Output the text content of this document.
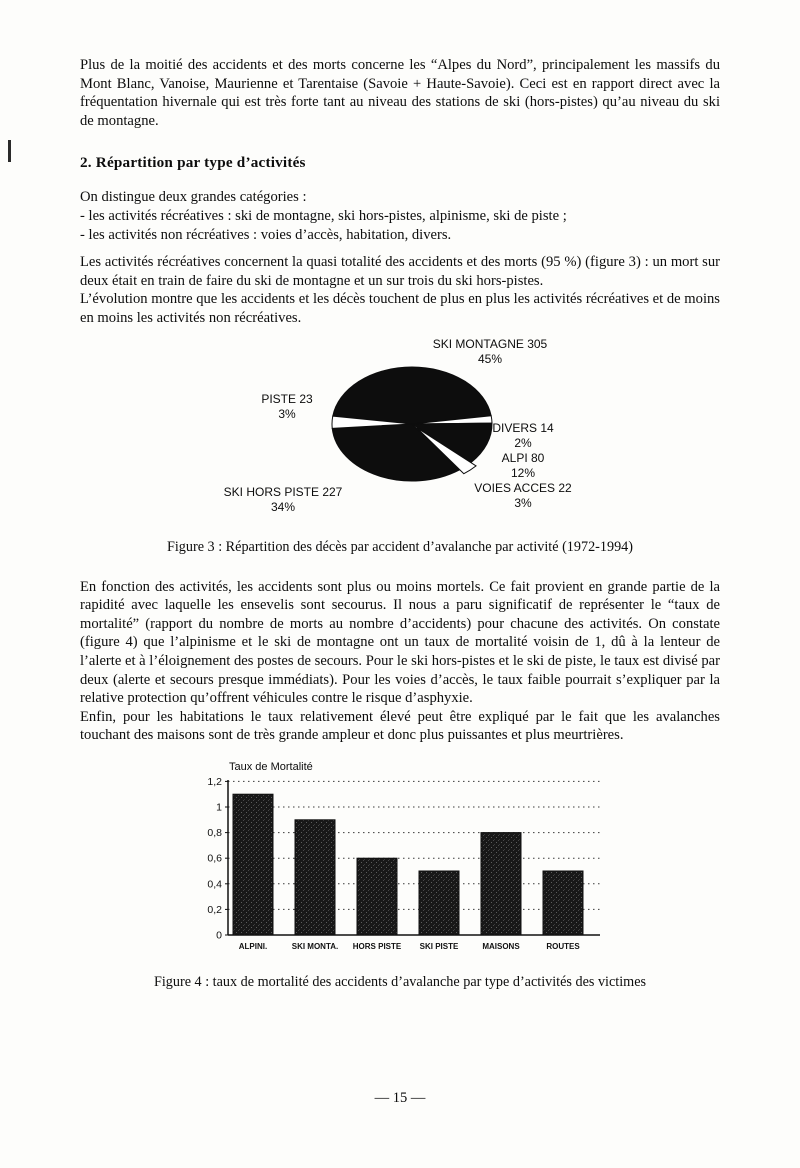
Plus de la moitié des accidents et des morts concerne les “Alpes du Nord”, principalement les massifs du Mont Blanc, Vanoise, Maurienne et Tarentaise (Savoie + Haute-Savoie). Ceci est en rapport direct avec la fréquentation hivernale qui est très forte tant au niveau des stations de ski (hors-pistes) qu’au niveau du ski de montagne.

2. Répartition par type d’activités
On distingue deux grandes catégories :
- les activités récréatives : ski de montagne, ski hors-pistes, alpinisme, ski de piste ;
- les activités non récréatives : voies d’accès, habitation, divers.
Les activités récréatives concernent la quasi totalité des accidents et des morts (95 %) (figure 3) : un mort sur deux était en train de faire du ski de montagne et un sur trois du ski hors-pistes.
L’évolution montre que les accidents et les décès touchent de plus en plus les activités récréatives et de moins en moins les activités non récréatives.
SKI MONTAGNE 305
45%
PISTE 23
3%
SKI HORS PISTE 227
34%
DIVERS 14
2%
ALPI 80
12%
VOIES ACCES 22
3%

Figure 3 : Répartition des décès par accident d’avalanche par activité (1972-1994)

En fonction des activités, les accidents sont plus ou moins mortels. Ce fait provient en grande partie de la rapidité avec laquelle les ensevelis sont secourus. Il nous a paru significatif de représenter le “taux de mortalité” (rapport du nombre de morts au nombre d’accidents) pour chacune des activités. On constate (figure 4) que l’alpinisme et le ski de montagne ont un taux de mortalité voisin de 1, dû à la lenteur de l’alerte et à l’éloignement des postes de secours. Pour le ski hors-pistes et le ski de piste, le taux est divisé par deux (alerte et secours presque immédiats). Pour les voies d’accès, le taux faible pourrait s’expliquer par la relative protection qu’offrent véhicules contre le risque d’asphyxie.
Enfin, pour les habitations le taux relativement élevé peut être expliqué par le fait que les avalanches touchant des maisons sont de très grande ampleur et donc plus puissantes et plus meurtrières.
Taux de Mortalité
0
0,2
0,4
0,6
0,8
1
1,2
ALPINI.	SKI MONTA. HORS PISTE SKI PISTE	MAISONS	ROUTES

Figure 4 : taux de mortalité des accidents d’avalanche par type d’activités des victimes

— 15 —
